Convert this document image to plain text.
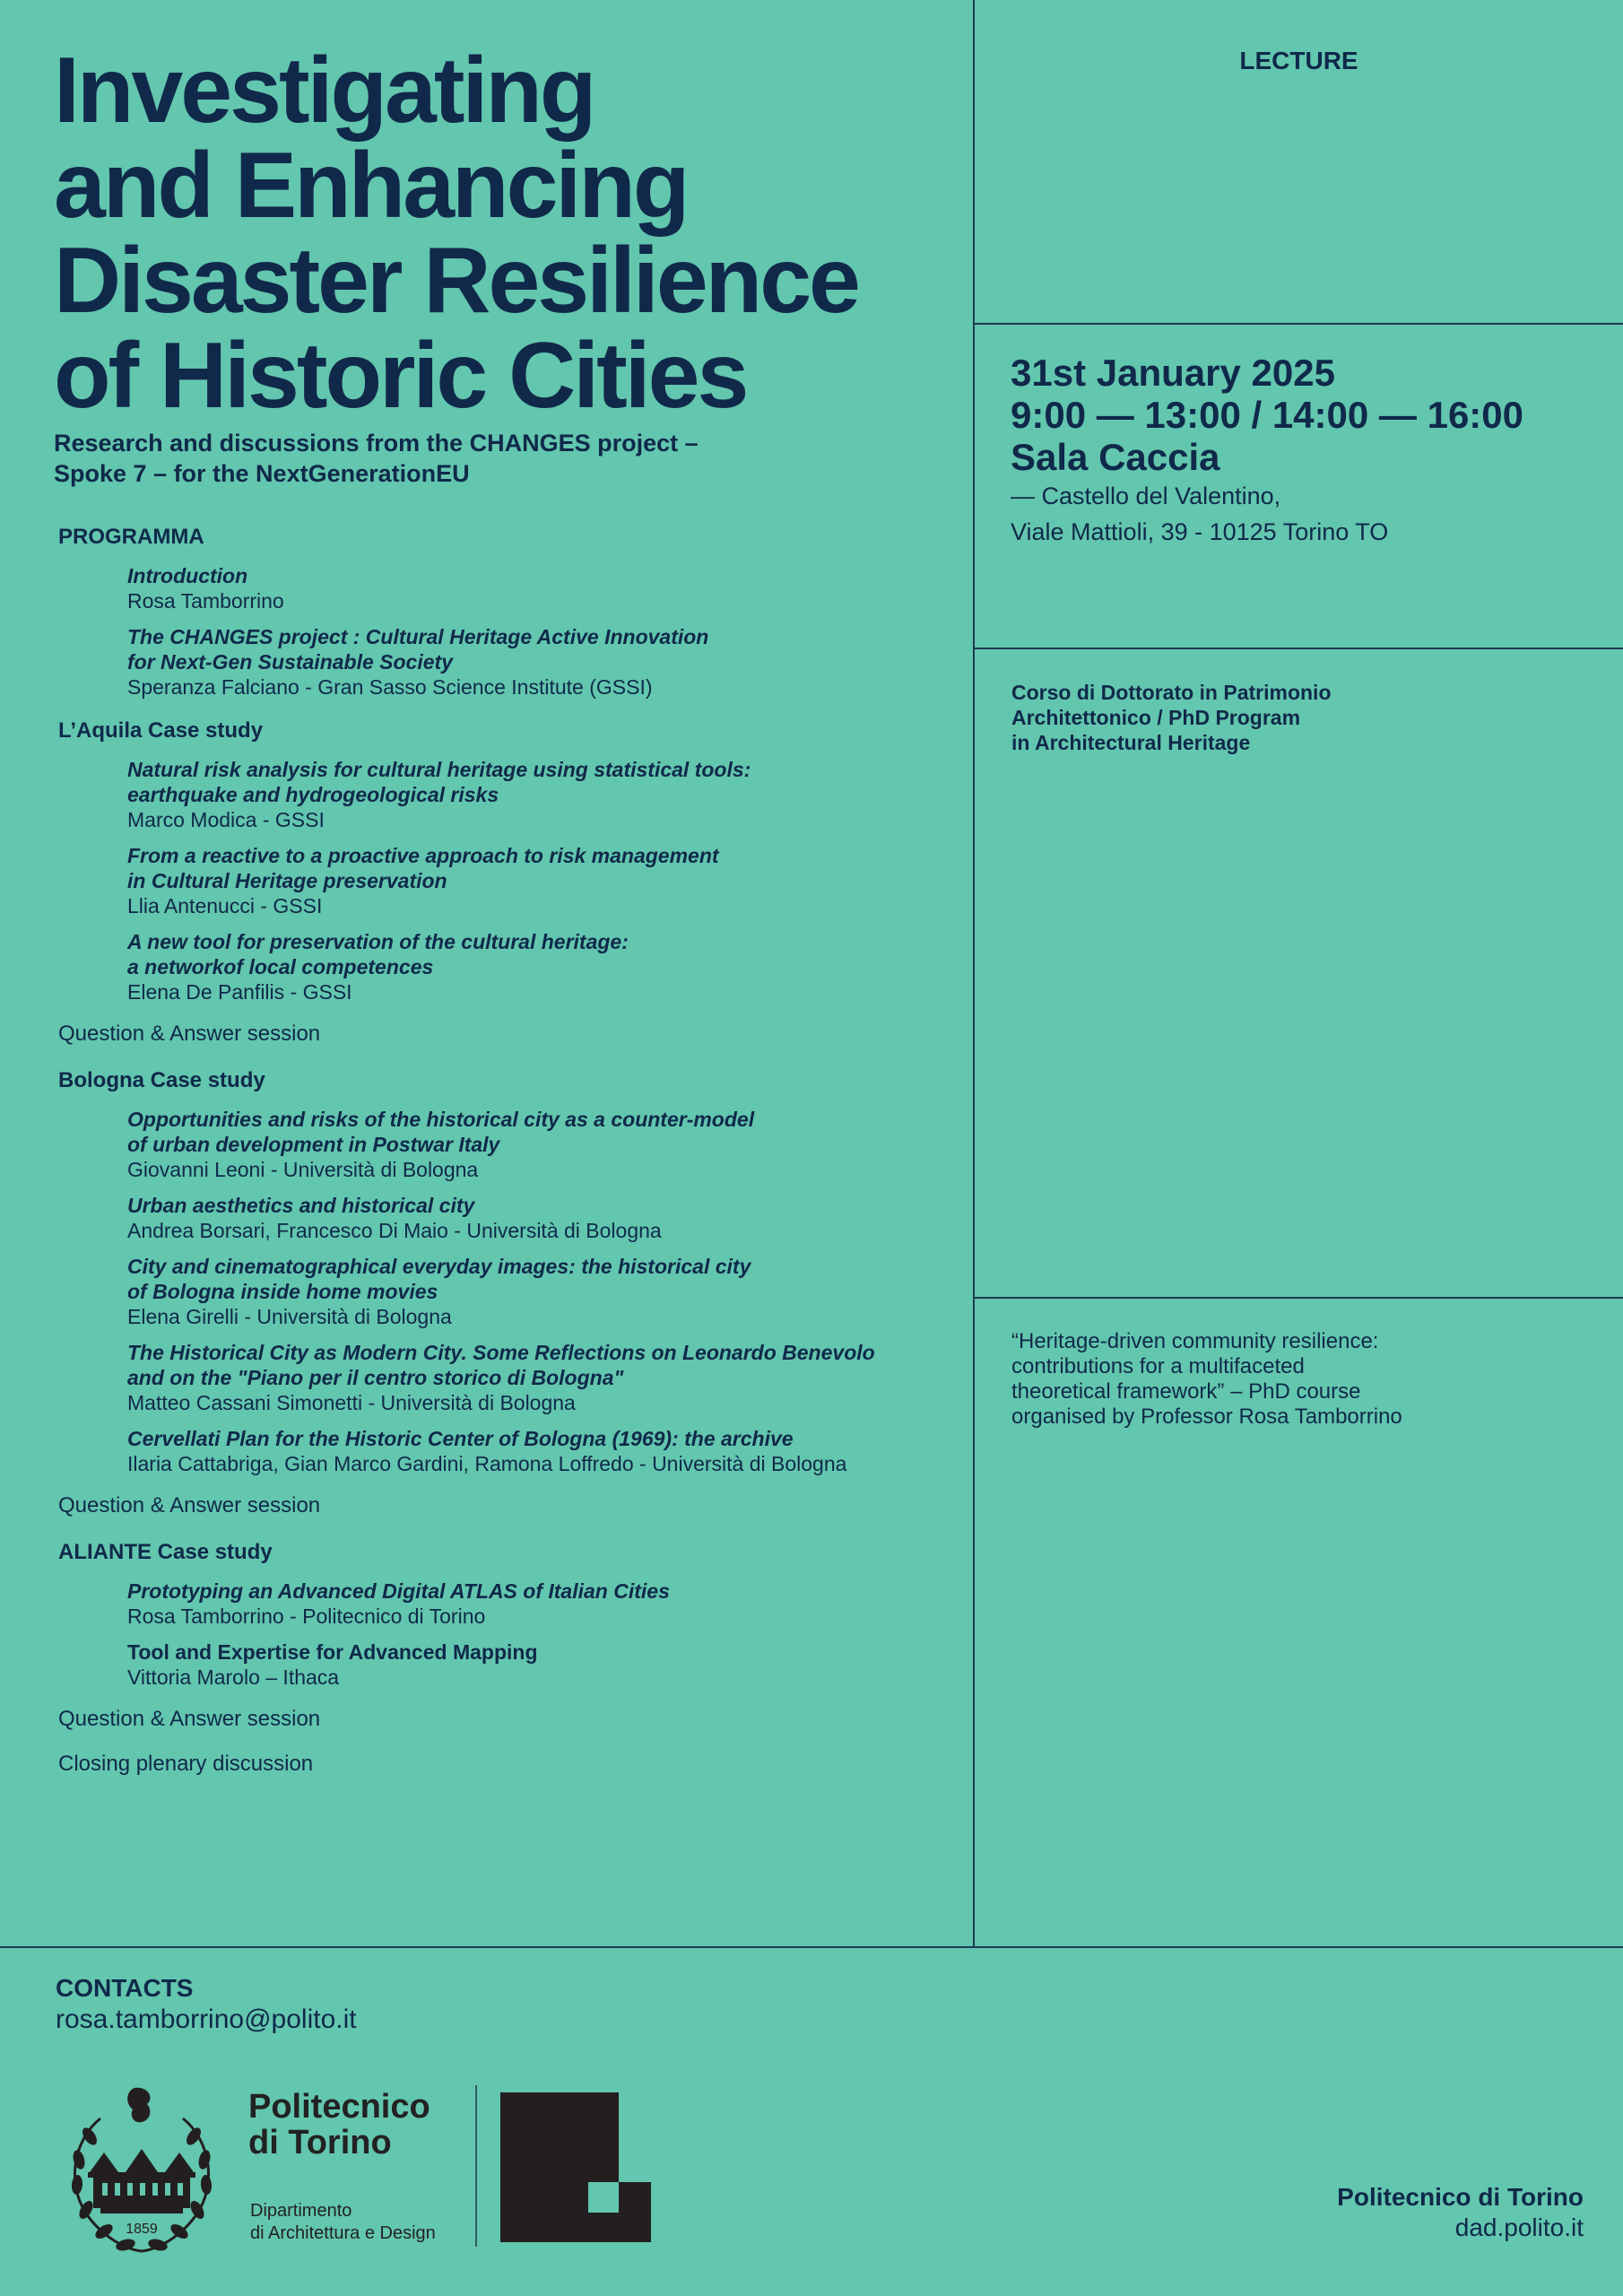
Investigating
and Enhancing
Disaster Resilience
of Historic Cities

Research and discussions from the CHANGES project –
Spoke 7 – for the NextGenerationEU

PROGRAMMA
Introduction
Rosa Tamborrino
The CHANGES project : Cultural Heritage Active Innovation
for Next-Gen Sustainable Society
Speranza Falciano - Gran Sasso Science Institute (GSSI)
L’Aquila Case study
Natural risk analysis for cultural heritage using statistical tools:
earthquake and hydrogeological risks
Marco Modica - GSSI
From a reactive to a proactive approach to risk management
in Cultural Heritage preservation
Llia Antenucci - GSSI
A new tool for preservation of the cultural heritage:
a networkof local competences
Elena De Panfilis - GSSI
Question & Answer session
Bologna Case study
Opportunities and risks of the historical city as a counter-model
of urban development in Postwar Italy
Giovanni Leoni - Università di Bologna
Urban aesthetics and historical city
Andrea Borsari, Francesco Di Maio - Università di Bologna
City and cinematographical everyday images: the historical city
of Bologna inside home movies
Elena Girelli - Università di Bologna
The Historical City as Modern City. Some Reflections on Leonardo Benevolo
and on the "Piano per il centro storico di Bologna"
Matteo Cassani Simonetti - Università di Bologna
Cervellati Plan for the Historic Center of Bologna (1969): the archive
Ilaria Cattabriga, Gian Marco Gardini, Ramona Loffredo - Università di Bologna
Question & Answer session
ALIANTE Case study
Prototyping an Advanced Digital ATLAS of Italian Cities
Rosa Tamborrino - Politecnico di Torino
Tool and Expertise for Advanced Mapping
Vittoria Marolo – Ithaca
Question & Answer session
Closing plenary discussion
LECTURE
31st January 2025
9:00 — 13:00 / 14:00 — 16:00
Sala Caccia
— Castello del Valentino,
Viale Mattioli, 39 - 10125 Torino TO
Corso di Dottorato in Patrimonio
Architettonico / PhD Program
in Architectural Heritage
“Heritage-driven community resilience:
contributions for a multifaceted
theoretical framework” – PhD course
organised by Professor Rosa Tamborrino
CONTACTS
rosa.tamborrino@polito.it
1859
Politecnico
di Torino
Dipartimento
di Architettura e Design
Politecnico di Torino
dad.polito.it
